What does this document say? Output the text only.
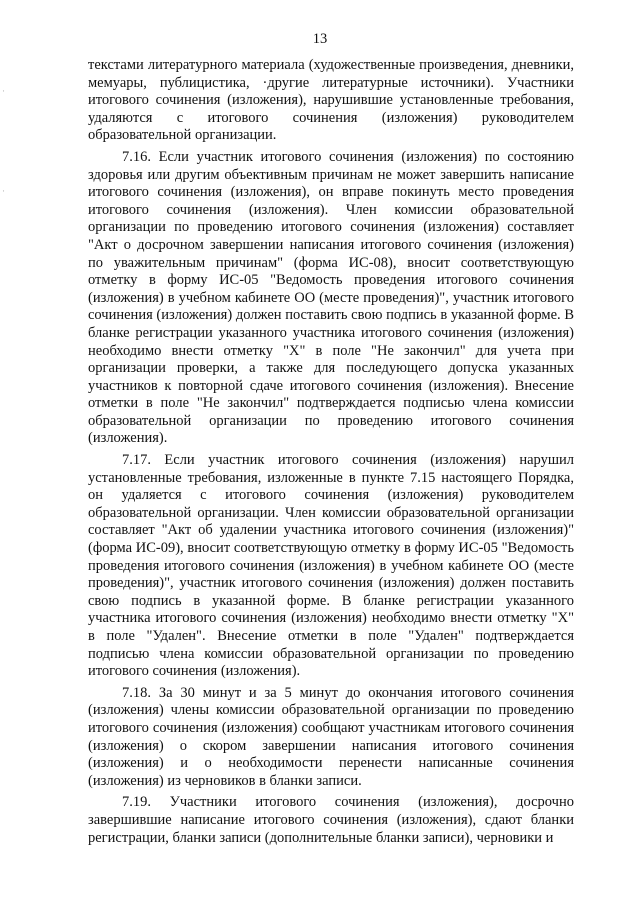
13
·
·

текстами литературного материала (художественные произведения, дневники, мемуары, публицистика, ·другие литературные источники). Участники итогового сочинения (изложения), нарушившие установленные требования, удаляются с итогового сочинения (изложения) руководителем образовательной организации.

7.16. Если участник итогового сочинения (изложения) по состоянию здоровья или другим объективным причинам не может завершить написание итогового сочинения (изложения), он вправе покинуть место проведения итогового сочинения (изложения). Член комиссии образовательной организации по проведению итогового сочинения (изложения) составляет "Акт о досрочном завершении написания итогового сочинения (изложения) по уважительным причинам" (форма ИС-08), вносит соответствующую отметку в форму ИС-05 "Ведомость проведения итогового сочинения (изложения) в учебном кабинете ОО (месте проведения)", участник итогового сочинения (изложения) должен поставить свою подпись в указанной форме. В бланке регистрации указанного участника итогового сочинения (изложения) необходимо внести отметку "X" в поле "Не закончил" для учета при организации проверки, а также для последующего допуска указанных участников к повторной сдаче итогового сочинения (изложения). Внесение отметки в поле "Не закончил" подтверждается подписью члена комиссии образовательной организации по проведению итогового сочинения (изложения).

7.17. Если участник итогового сочинения (изложения) нарушил установленные требования, изложенные в пункте 7.15 настоящего Порядка, он удаляется с итогового сочинения (изложения) руководителем образовательной организации. Член комиссии образовательной организации составляет "Акт об удалении участника итогового сочинения (изложения)" (форма ИС-09), вносит соответствующую отметку в форму ИС-05 "Ведомость проведения итогового сочинения (изложения) в учебном кабинете ОО (месте проведения)", участник итогового сочинения (изложения) должен поставить свою подпись в указанной форме. В бланке регистрации указанного участника итогового сочинения (изложения) необходимо внести отметку "X" в поле "Удален". Внесение отметки в поле "Удален" подтверждается подписью члена комиссии образовательной организации по проведению итогового сочинения (изложения).

7.18. За 30 минут и за 5 минут до окончания итогового сочинения (изложения) члены комиссии образовательной организации по проведению итогового сочинения (изложения) сообщают участникам итогового сочинения (изложения) о скором завершении написания итогового сочинения (изложения) и о необходимости перенести написанные сочинения (изложения) из черновиков в бланки записи.

7.19. Участники итогового сочинения (изложения), досрочно завершившие написание итогового сочинения (изложения), сдают бланки регистрации, бланки записи (дополнительные бланки записи), черновики и
